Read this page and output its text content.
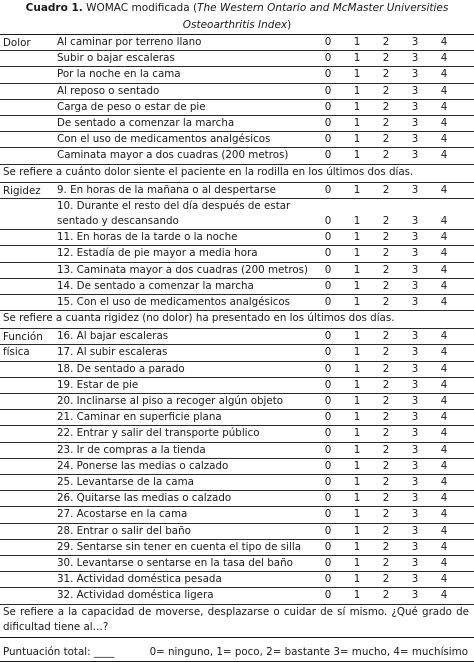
Cuadro 1. WOMAC modificada (The Western Ontario and McMaster Universities
Osteoarthritis Index)
Dolor	Al caminar por terreno llano	0	1	2	3	4
Subir o bajar escaleras	0	1	2	3	4
Por la noche en la cama	0	1	2	3	4
Al reposo o sentado	0	1	2	3	4
Carga de peso o estar de pie	0	1	2	3	4
De sentado a comenzar la marcha	0	1	2	3	4
Con el uso de medicamentos analgésicos	0	1	2	3	4
Caminata mayor a dos cuadras (200 metros)	0	1	2	3	4
Se refiere a cuánto dolor siente el paciente en la rodilla en los últimos dos días.
Rigidez 9. En horas de la mañana o al despertarse	0	1	2	3	4
10. Durante el resto del día después de estar
sentado y descansando	0	1	2	3	4
11. En horas de la tarde o la noche	0	1	2	3	4
12. Estadía de pie mayor a media hora	0	1	2	3	4
13. Caminata mayor a dos cuadras (200 metros)	0	1	2	3	4
14. De sentado a comenzar la marcha	0	1	2	3	4
15. Con el uso de medicamentos analgésicos	0	1	2	3	4
Se refiere a cuanta rigidez (no dolor) ha presentado en los últimos dos días.
Función
física
16. Al bajar escaleras	0	1	2	3	4
17. Al subir escaleras	0	1	2	3	4
18. De sentado a parado	0	1	2	3	4
19. Estar de pie	0	1	2	3	4
20. Inclinarse al piso a recoger algún objeto	0	1	2	3	4
21. Caminar en superficie plana	0	1	2	3	4
22. Entrar y salir del transporte público	0	1	2	3	4
23. Ir de compras a la tienda	0	1	2	3	4
24. Ponerse las medias o calzado	0	1	2	3	4
25. Levantarse de la cama	0	1	2	3	4
26. Quitarse las medias o calzado	0	1	2	3	4
27. Acostarse en la cama	0	1	2	3	4
28. Entrar o salir del baño	0	1	2	3	4
29. Sentarse sin tener en cuenta el tipo de silla	0	1	2	3	4
30. Levantarse o sentarse en la tasa del baño	0	1	2	3	4
31. Actividad doméstica pesada	0	1	2	3	4
32. Actividad doméstica ligera	0	1	2	3	4
Se refiere a la capacidad de moverse, desplazarse o cuidar de sí mismo. ¿Qué grado de dificultad tiene al…?
Puntuación total: ____	0= ninguno, 1= poco, 2= bastante 3= mucho, 4= muchísimo
